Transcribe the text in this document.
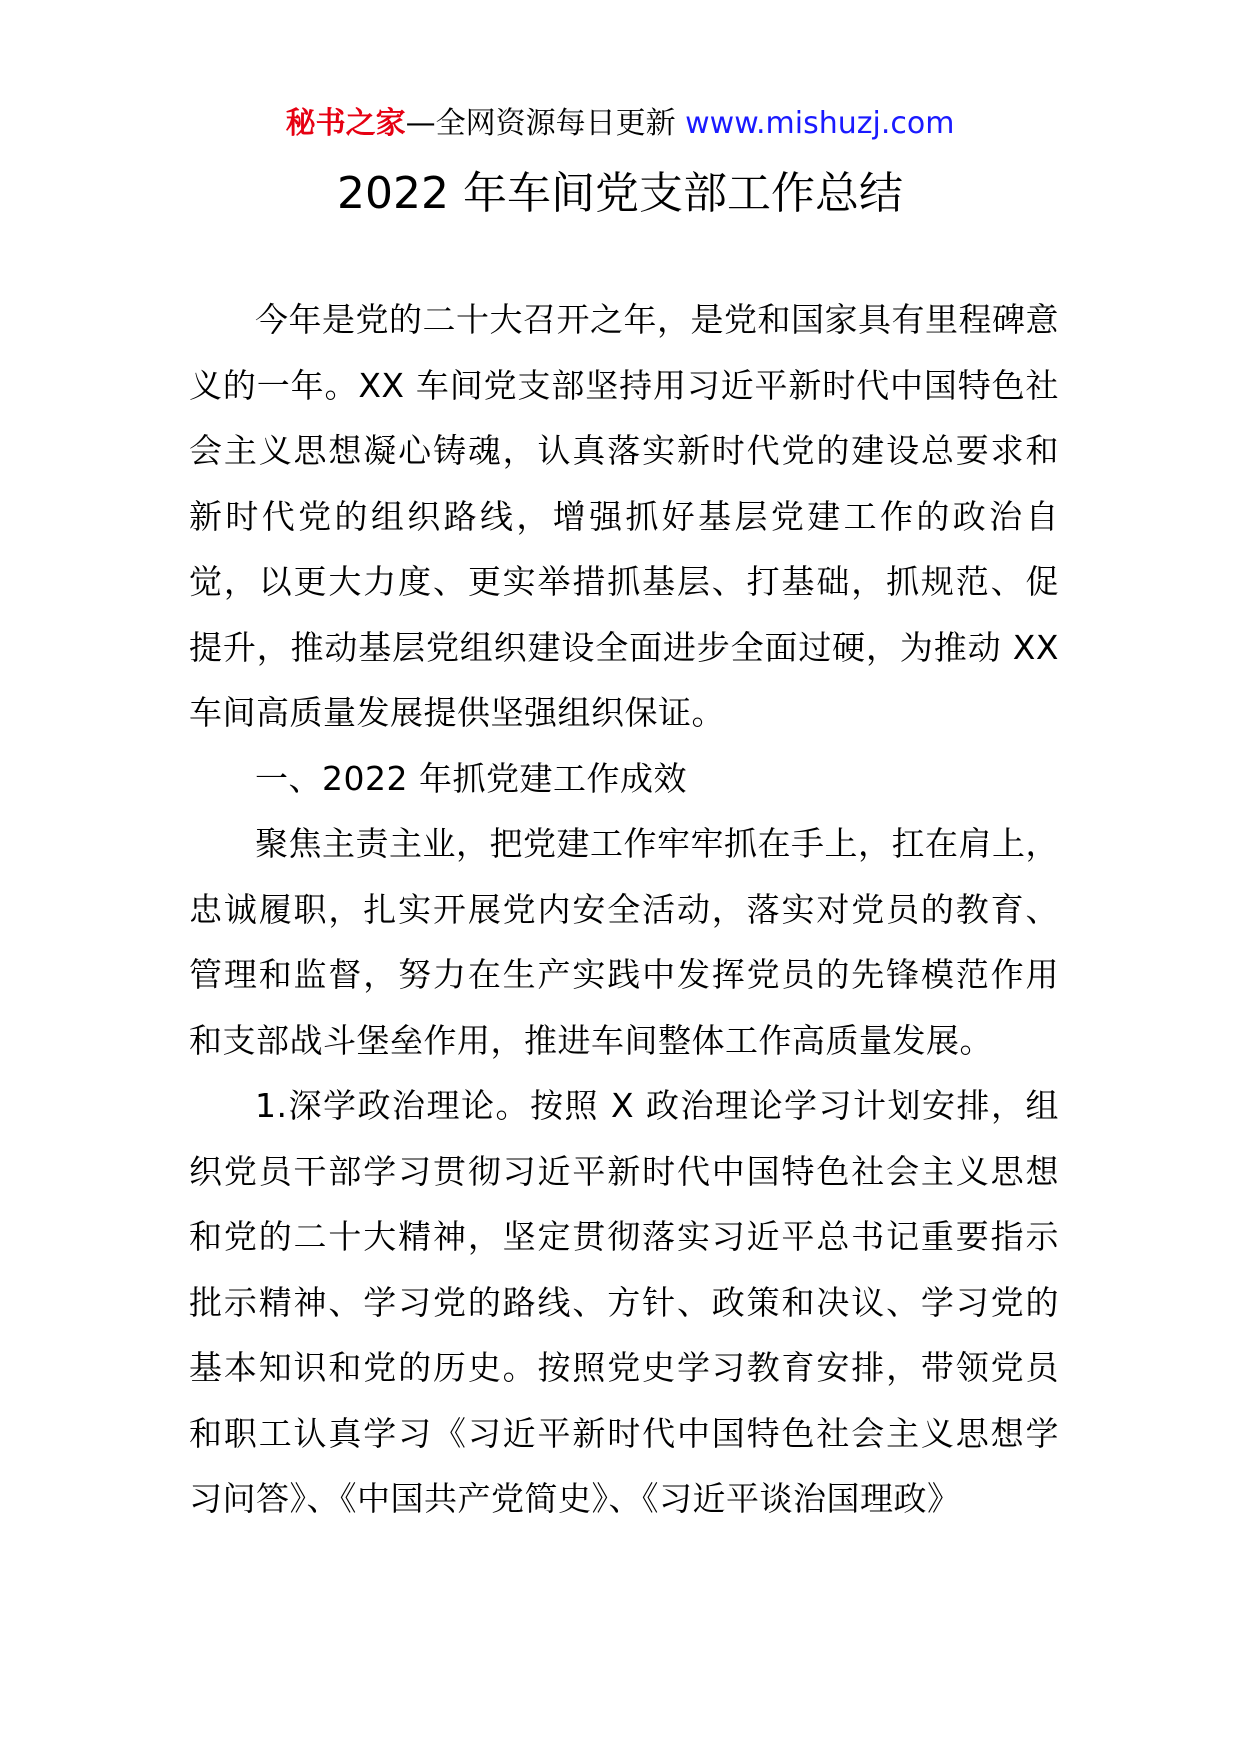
秘书之家—全网资源每日更新 www.mishuzj.com
2022 年车间党支部工作总结

今年是党的二十大召开之年，是党和国家具有里程碑意义的一年。XX 车间党支部坚持用习近平新时代中国特色社会主义思想凝心铸魂，认真落实新时代党的建设总要求和新时代党的组织路线，增强抓好基层党建工作的政治自觉，以更大力度、更实举措抓基层、打基础，抓规范、促提升，推动基层党组织建设全面进步全面过硬，为推动 XX 车间高质量发展提供坚强组织保证。

一、2022 年抓党建工作成效

聚焦主责主业，把党建工作牢牢抓在手上，扛在肩上，忠诚履职，扎实开展党内安全活动，落实对党员的教育、管理和监督，努力在生产实践中发挥党员的先锋模范作用和支部战斗堡垒作用，推进车间整体工作高质量发展。

1.深学政治理论。按照 X 政治理论学习计划安排，组织党员干部学习贯彻习近平新时代中国特色社会主义思想和党的二十大精神，坚定贯彻落实习近平总书记重要指示批示精神、学习党的路线、方针、政策和决议、学习党的基本知识和党的历史。按照党史学习教育安排，带领党员和职工认真学习《习近平新时代中国特色社会主义思想学习问答》、《中国共产党简史》、《习近平谈治国理政》
